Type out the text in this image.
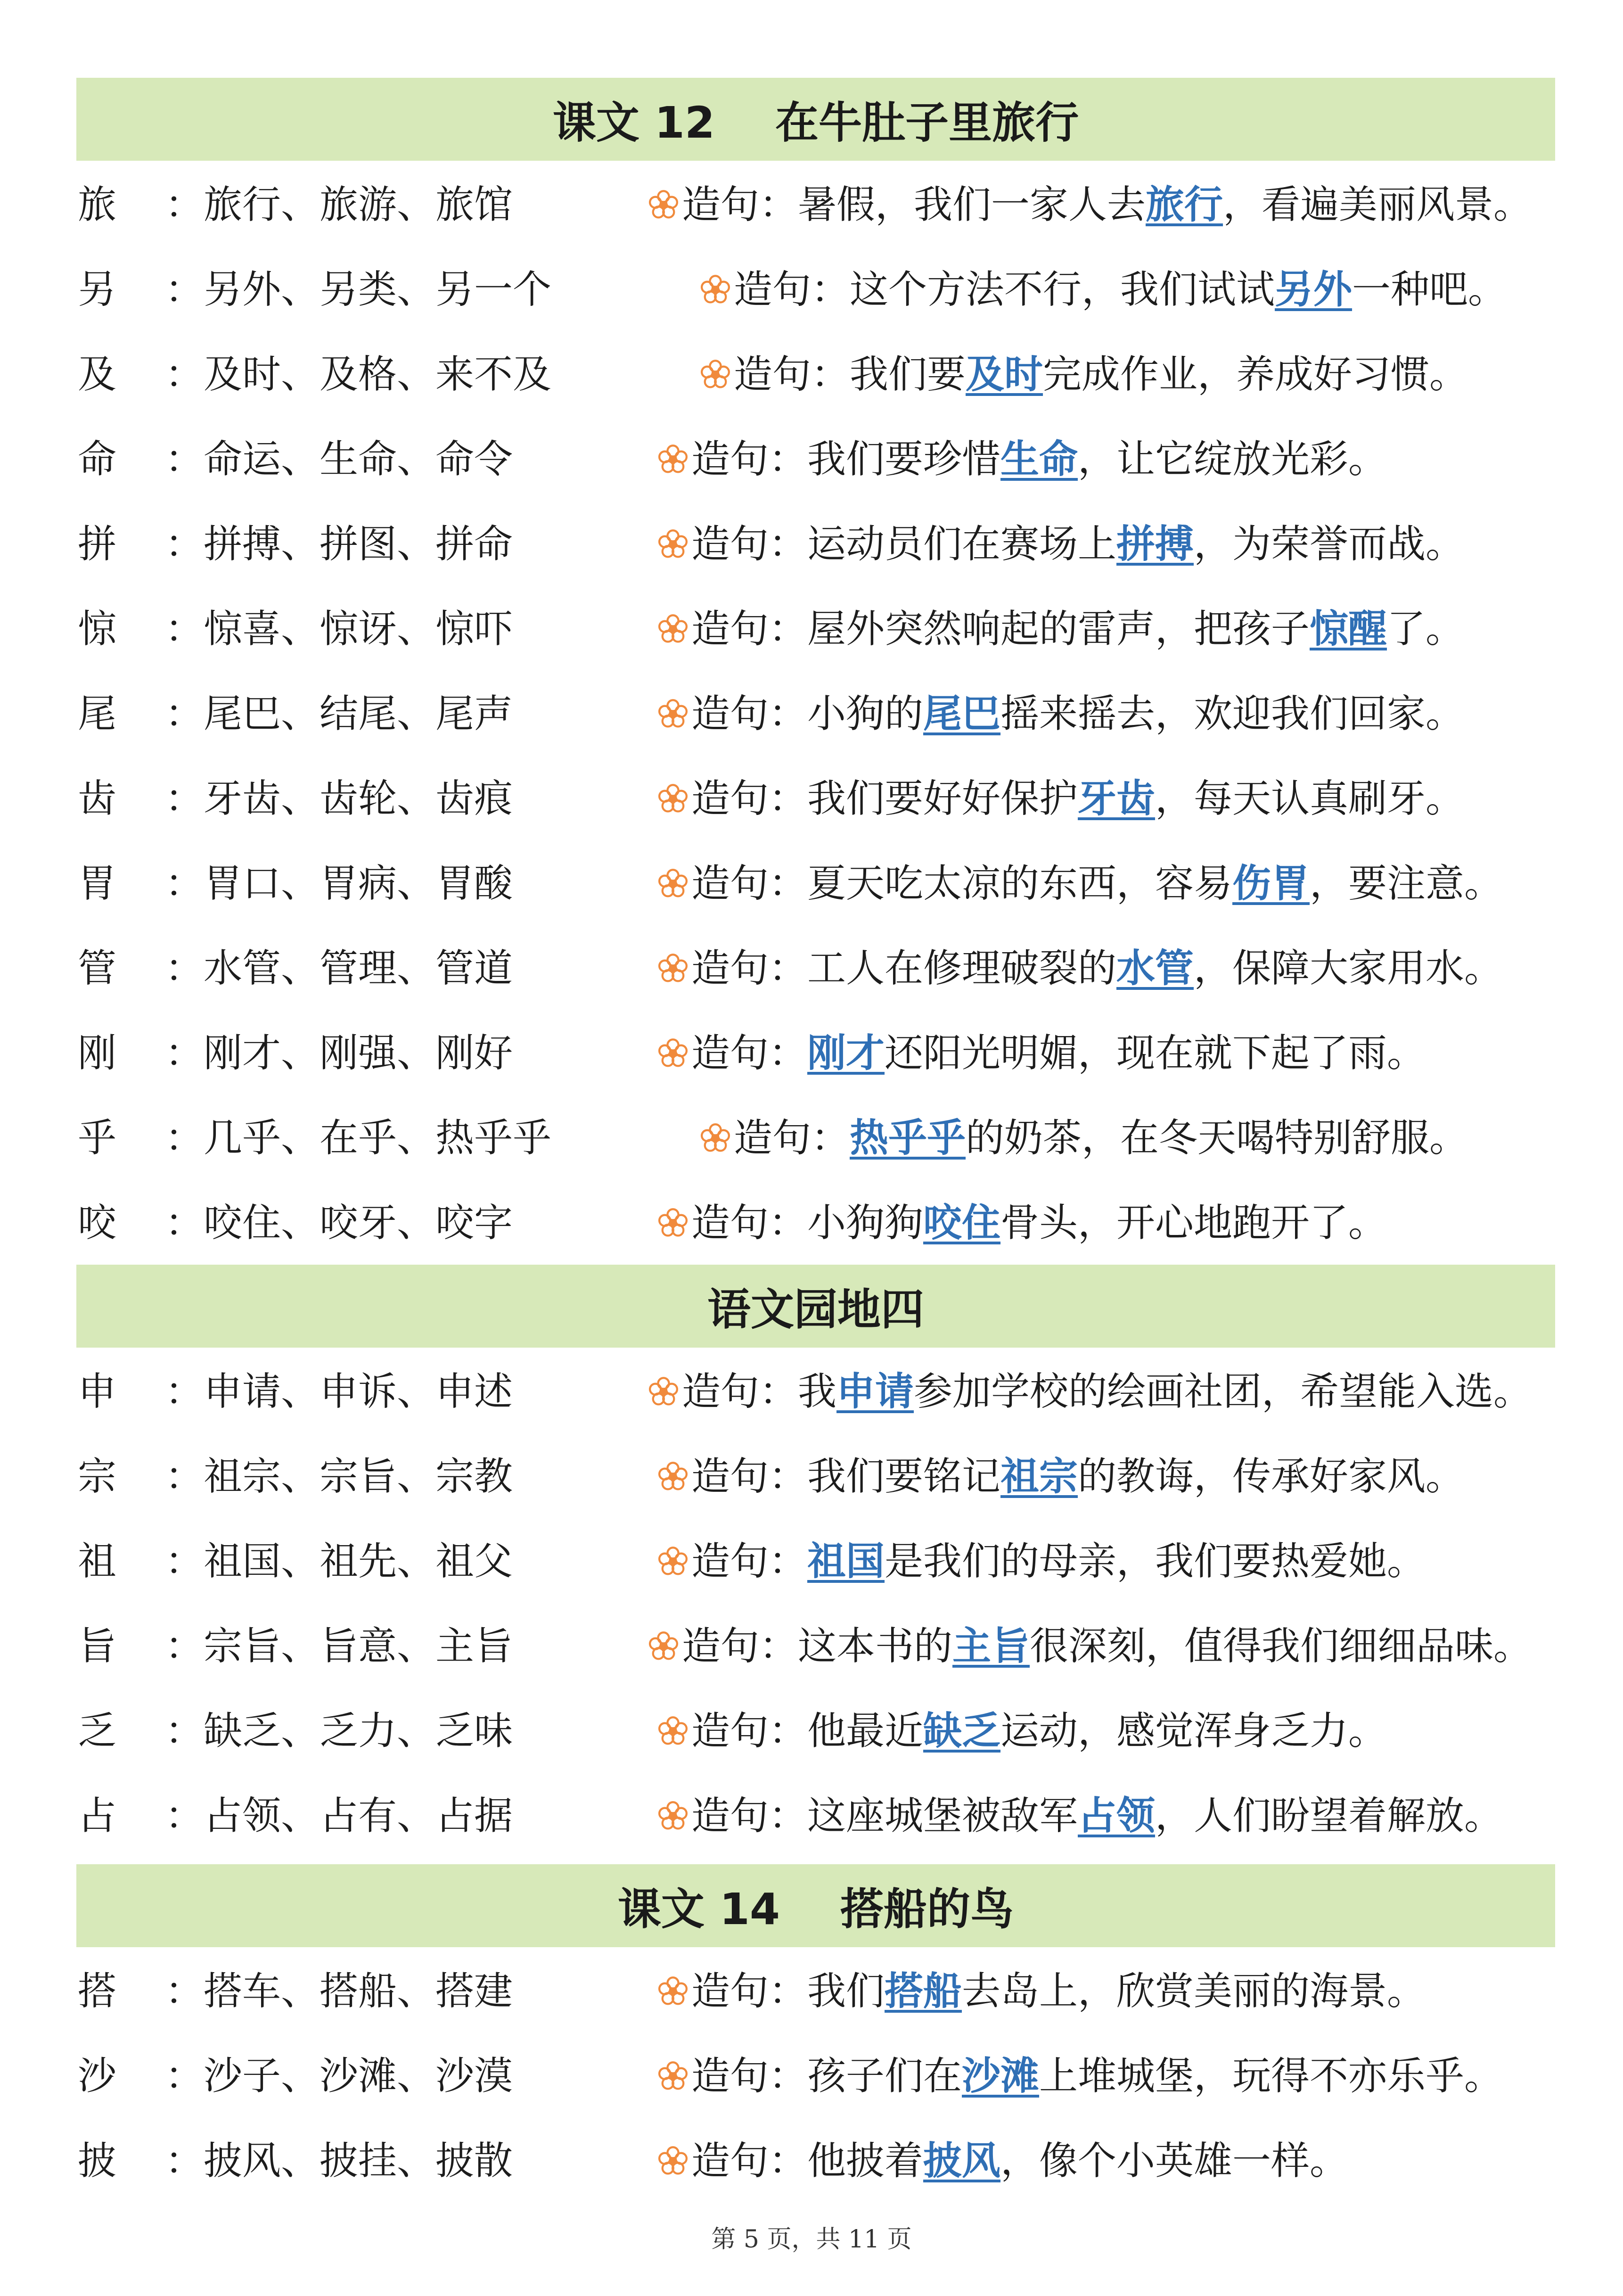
课文 12    在牛肚子里旅行
旅 ：旅行、旅游、旅馆	造句：暑假，我们一家人去旅行，看遍美丽风景。
另 ：另外、另类、另一个	造句：这个方法不行，我们试试另外一种吧。
及 ：及时、及格、来不及	造句：我们要及时完成作业，养成好习惯。
命 ：命运、生命、命令	造句：我们要珍惜生命，让它绽放光彩。
拼 ：拼搏、拼图、拼命	造句：运动员们在赛场上拼搏，为荣誉而战。
惊 ：惊喜、惊讶、惊吓	造句：屋外突然响起的雷声，把孩子惊醒了。
尾 ：尾巴、结尾、尾声	造句：小狗的尾巴摇来摇去，欢迎我们回家。
齿 ：牙齿、齿轮、齿痕	造句：我们要好好保护牙齿，每天认真刷牙。
胃 ：胃口、胃病、胃酸	造句：夏天吃太凉的东西，容易伤胃，要注意。
管 ：水管、管理、管道	造句：工人在修理破裂的水管，保障大家用水。
刚 ：刚才、刚强、刚好	造句：刚才还阳光明媚，现在就下起了雨。
乎 ：几乎、在乎、热乎乎	造句：热乎乎的奶茶，在冬天喝特别舒服。
咬 ：咬住、咬牙、咬字	造句：小狗狗咬住骨头，开心地跑开了。
语文园地四
申 ：申请、申诉、申述	造句：我申请参加学校的绘画社团，希望能入选。
宗 ：祖宗、宗旨、宗教	造句：我们要铭记祖宗的教诲，传承好家风。
祖 ：祖国、祖先、祖父	造句：祖国是我们的母亲，我们要热爱她。
旨 ：宗旨、旨意、主旨	造句：这本书的主旨很深刻，值得我们细细品味。
乏 ：缺乏、乏力、乏味	造句：他最近缺乏运动，感觉浑身乏力。
占 ：占领、占有、占据	造句：这座城堡被敌军占领，人们盼望着解放。
课文 14    搭船的鸟
搭 ：搭车、搭船、搭建	造句：我们搭船去岛上，欣赏美丽的海景。
沙 ：沙子、沙滩、沙漠	造句：孩子们在沙滩上堆城堡，玩得不亦乐乎。
披 ：披风、披挂、披散	造句：他披着披风，像个小英雄一样。
第 5 页，共 11 页
